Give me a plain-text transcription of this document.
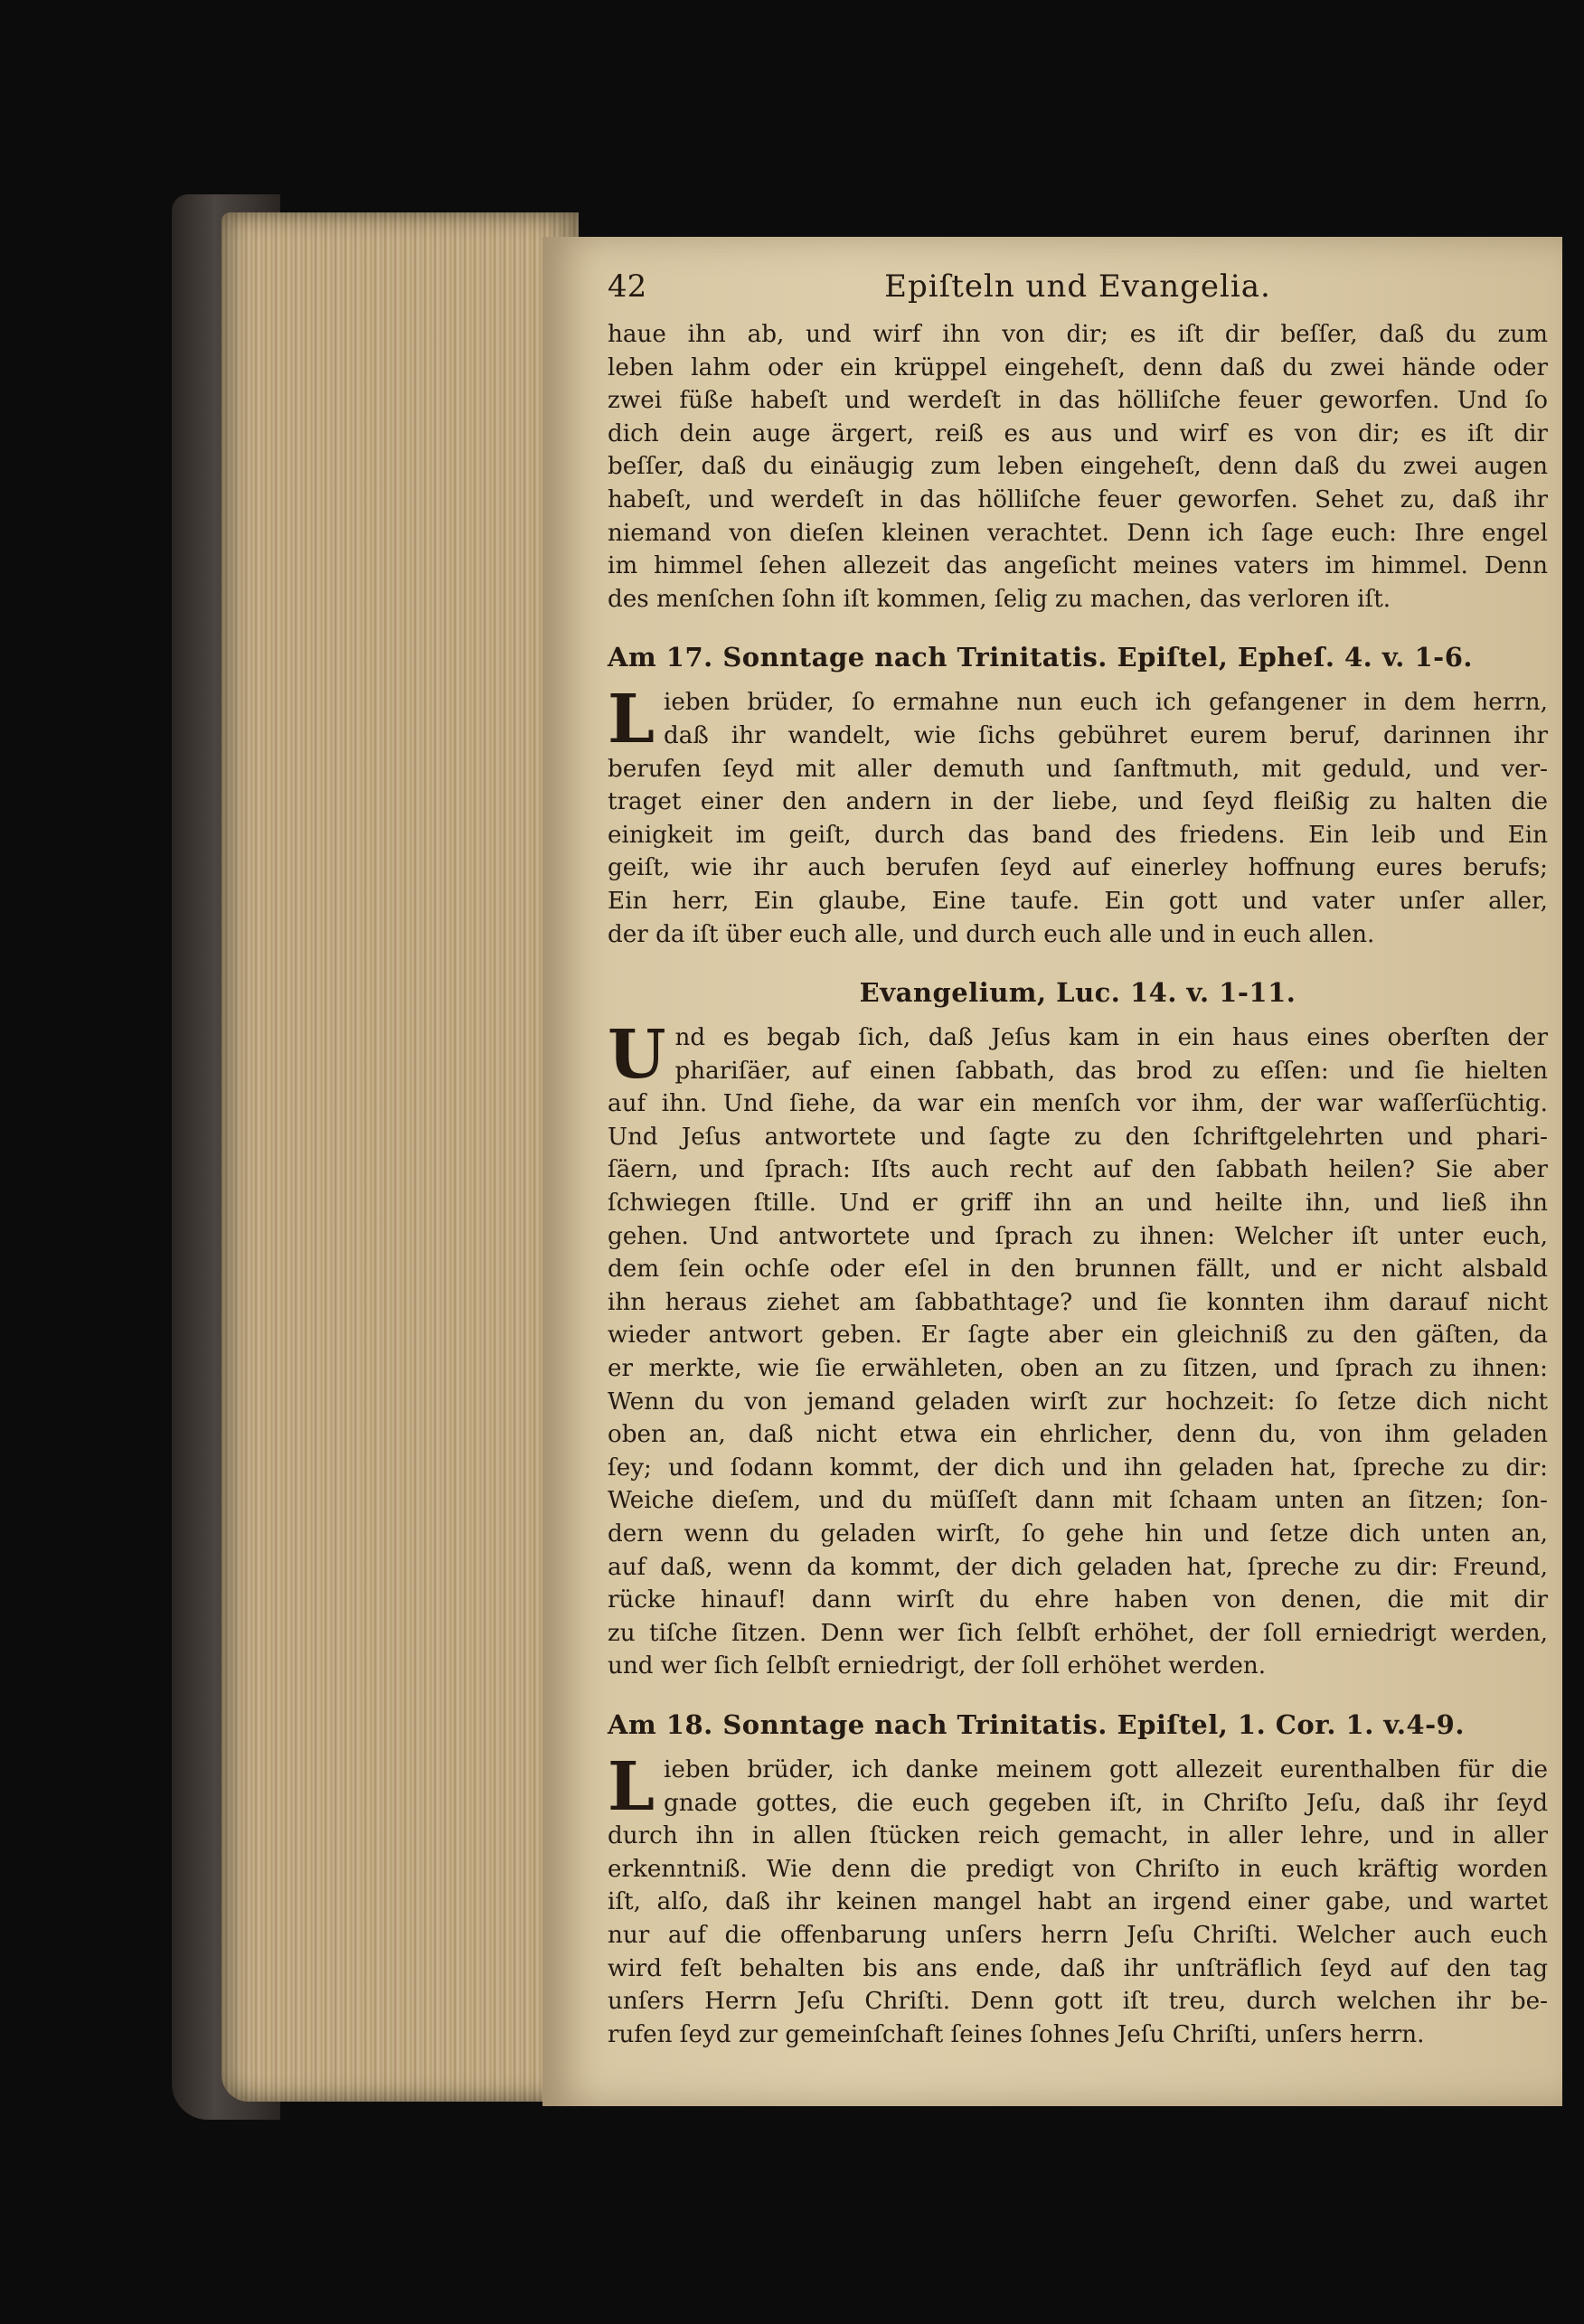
42	Epiſteln und Evangelia.

haue ihn ab, und wirf ihn von dir; es iſt dir beſſer, daß du zum

leben lahm oder ein krüppel eingeheſt, denn daß du zwei hände oder

zwei füße habeſt und werdeſt in das hölliſche feuer geworfen. Und ſo

dich dein auge ärgert, reiß es aus und wirf es von dir; es iſt dir

beſſer, daß du einäugig zum leben eingeheſt, denn daß du zwei augen

habeſt, und werdeſt in das hölliſche feuer geworfen. Sehet zu, daß ihr

niemand von dieſen kleinen verachtet. Denn ich ſage euch: Ihre engel

im himmel ſehen allezeit das angeſicht meines vaters im himmel. Denn

des menſchen ſohn iſt kommen, ſelig zu machen, das verloren iſt.

Am 17. Sonntage nach Trinitatis. Epiſtel, Epheſ. 4. v. 1-6.
L ieben brüder, ſo ermahne nun euch ich gefangener in dem herrn,

daß ihr wandelt, wie ſichs gebühret eurem beruf, darinnen ihr

berufen ſeyd mit aller demuth und ſanftmuth, mit geduld, und ver-

traget einer den andern in der liebe, und ſeyd fleißig zu halten die

einigkeit im geiſt, durch das band des friedens. Ein leib und Ein

geiſt, wie ihr auch berufen ſeyd auf einerley hoffnung eures berufs;

Ein herr, Ein glaube, Eine taufe. Ein gott und vater unſer aller,

der da iſt über euch alle, und durch euch alle und in euch allen.

Evangelium, Luc. 14. v. 1-11.
U nd es begab ſich, daß Jeſus kam in ein haus eines oberſten der

phariſäer, auf einen ſabbath, das brod zu eſſen: und ſie hielten

auf ihn. Und ſiehe, da war ein menſch vor ihm, der war waſſerſüchtig.

Und Jeſus antwortete und ſagte zu den ſchriftgelehrten und phari-

ſäern, und ſprach: Iſts auch recht auf den ſabbath heilen? Sie aber

ſchwiegen ſtille. Und er griff ihn an und heilte ihn, und ließ ihn

gehen. Und antwortete und ſprach zu ihnen: Welcher iſt unter euch,

dem ſein ochſe oder eſel in den brunnen fällt, und er nicht alsbald

ihn heraus ziehet am ſabbathtage? und ſie konnten ihm darauf nicht

wieder antwort geben. Er ſagte aber ein gleichniß zu den gäſten, da

er merkte, wie ſie erwähleten, oben an zu ſitzen, und ſprach zu ihnen:

Wenn du von jemand geladen wirſt zur hochzeit: ſo ſetze dich nicht

oben an, daß nicht etwa ein ehrlicher, denn du, von ihm geladen

ſey; und ſodann kommt, der dich und ihn geladen hat, ſpreche zu dir:

Weiche dieſem, und du müſſeſt dann mit ſchaam unten an ſitzen; ſon-

dern wenn du geladen wirſt, ſo gehe hin und ſetze dich unten an,

auf daß, wenn da kommt, der dich geladen hat, ſpreche zu dir: Freund,

rücke hinauf! dann wirſt du ehre haben von denen, die mit dir

zu tiſche ſitzen. Denn wer ſich ſelbſt erhöhet, der ſoll erniedrigt werden,

und wer ſich ſelbſt erniedrigt, der ſoll erhöhet werden.

Am 18. Sonntage nach Trinitatis. Epiſtel, 1. Cor. 1. v.4-9.
L ieben brüder, ich danke meinem gott allezeit eurenthalben für die

gnade gottes, die euch gegeben iſt, in Chriſto Jeſu, daß ihr ſeyd

durch ihn in allen ſtücken reich gemacht, in aller lehre, und in aller

erkenntniß. Wie denn die predigt von Chriſto in euch kräftig worden

iſt, alſo, daß ihr keinen mangel habt an irgend einer gabe, und wartet

nur auf die offenbarung unſers herrn Jeſu Chriſti. Welcher auch euch

wird feſt behalten bis ans ende, daß ihr unſträflich ſeyd auf den tag

unſers Herrn Jeſu Chriſti. Denn gott iſt treu, durch welchen ihr be-

rufen ſeyd zur gemeinſchaft ſeines ſohnes Jeſu Chriſti, unſers herrn.
